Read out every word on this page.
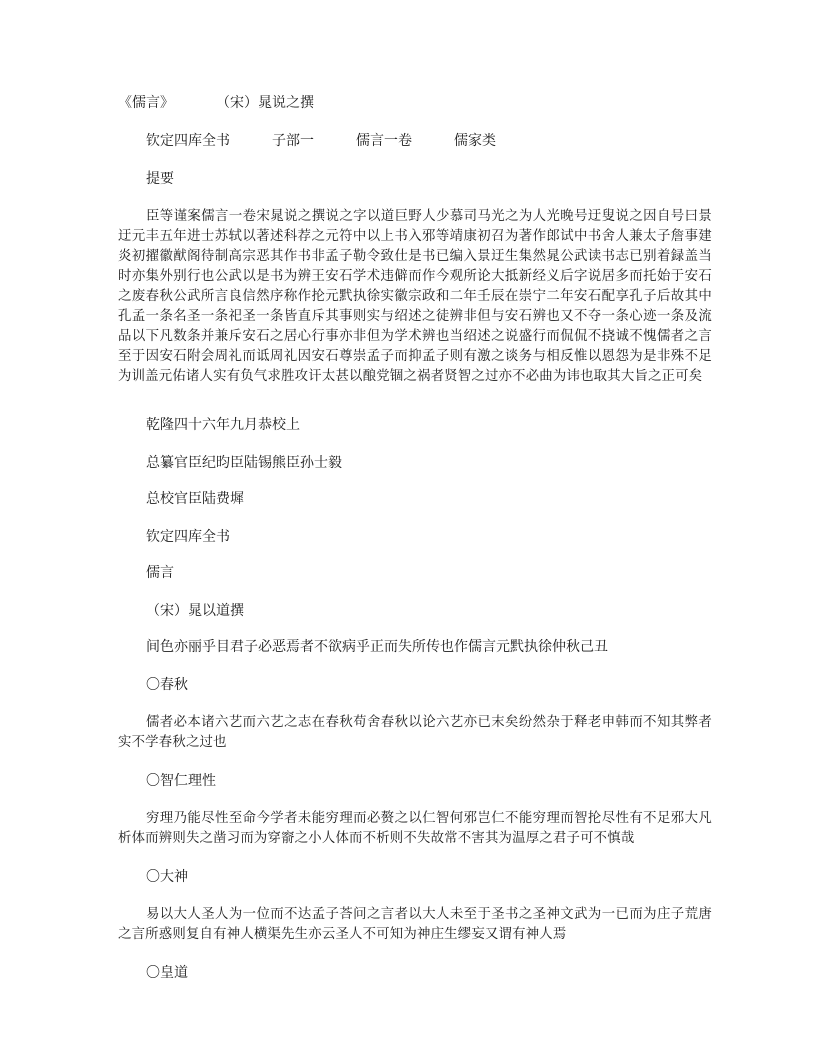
《儒言》	（宋）晁说之撰
钦定四库全书	子部一	儒言一卷	儒家类
提要
臣等谨案儒言一卷宋晁说之撰说之字以道巨野人少慕司马光之为人光晚号迂叟说之因自号曰景迂元丰五年进士苏轼以著述科荐之元符中以上书入邪等靖康初召为著作郎试中书舍人兼太子詹事建炎初擢徽猷阁待制高宗恶其作书非孟子勒令致仕是书已编入景迂生集然晁公武读书志已别着録盖当时亦集外别行也公武以是书为辨王安石学术违僻而作今观所论大抵新经义后字说居多而托始于安石之废春秋公武所言良信然序称作抡元黓执徐实徽宗政和二年壬辰在崇宁二年安石配享孔子后故其中孔孟一条名圣一条祀圣一条皆直斥其事则实与绍述之徒辨非但与安石辨也又不夺一条心迹一条及流品以下凡数条并兼斥安石之居心行事亦非但为学术辨也当绍述之说盛行而侃侃不挠诚不愧儒者之言至于因安石附会周礼而诋周礼因安石尊崇孟子而抑孟子则有激之谈务与相反惟以恩怨为是非殊不足为训盖元佑诸人实有负气求胜攻讦太甚以酿党锢之祸者贤智之过亦不必曲为讳也取其大旨之正可矣
乾隆四十六年九月恭校上
总纂官臣纪昀臣陆锡熊臣孙士毅
总校官臣陆费墀
钦定四库全书
儒言
（宋）晁以道撰
间色亦丽乎目君子必恶焉者不欲病乎正而失所传也作儒言元黓执徐仲秋己丑
〇春秋
儒者必本诸六艺而六艺之志在春秋苟舍春秋以论六艺亦已末矣纷然杂于释老申韩而不知其弊者实不学春秋之过也
〇智仁理性
穷理乃能尽性至命今学者未能穷理而必赘之以仁智何邪岂仁不能穷理而智抡尽性有不足邪大凡析体而辨则失之凿习而为穿窬之小人体而不析则不失故常不害其为温厚之君子可不慎哉
〇大神
易以大人圣人为一位而不达孟子荅问之言者以大人未至于圣书之圣神文武为一已而为庄子荒唐之言所惑则复自有神人横渠先生亦云圣人不可知为神庄生缪妄又谓有神人焉
〇皇道
